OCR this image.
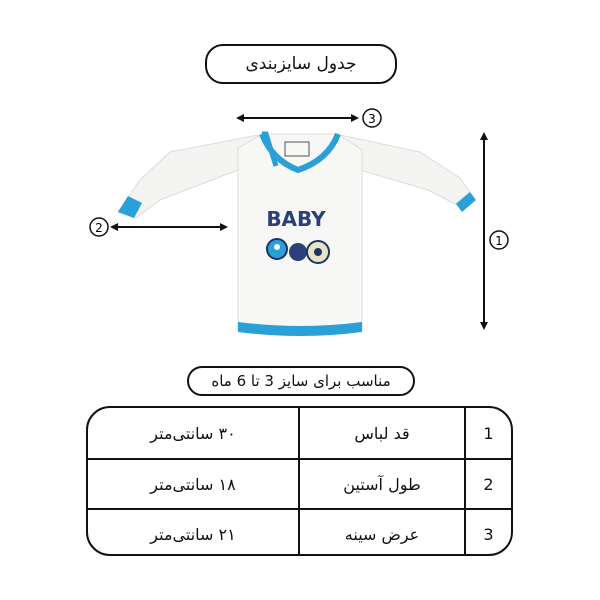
جدول سایزبندی
BABY
3
2
1
مناسب برای سایز 3 تا 6 ماه
1
قد لباس
۳۰ سانتی‌متر
2
طول آستین
۱۸ سانتی‌متر
3
عرض سینه
۲۱ سانتی‌متر
